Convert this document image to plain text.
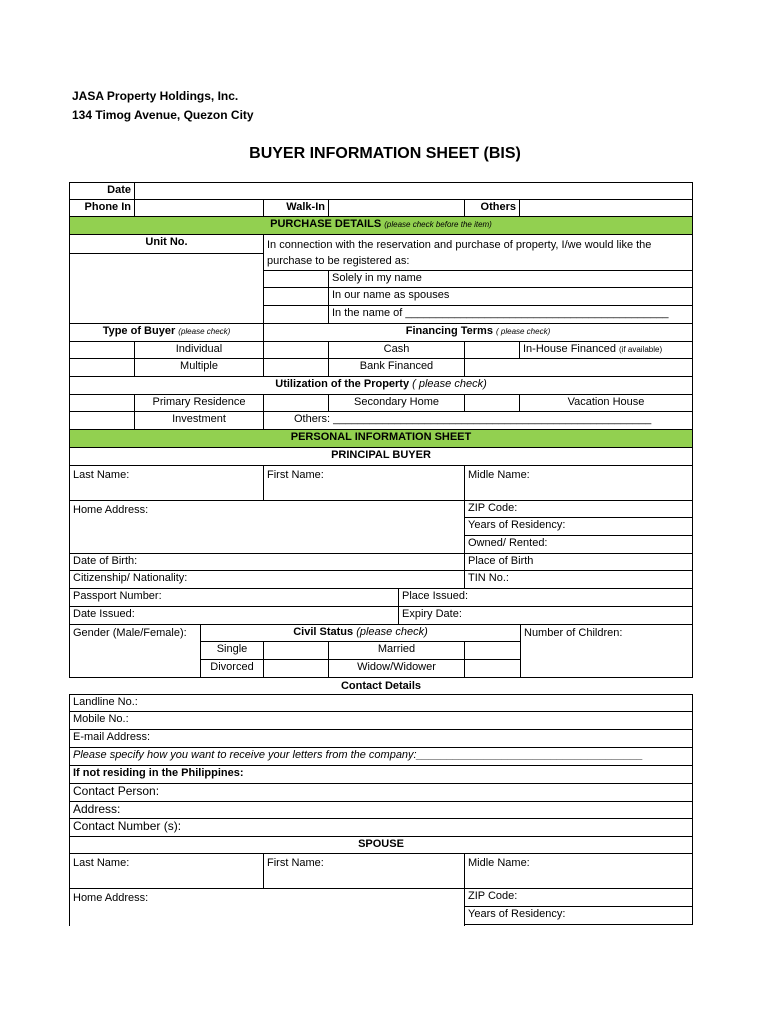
JASA Property Holdings, Inc.
134 Timog Avenue, Quezon City
BUYER INFORMATION SHEET (BIS)
Date
Phone In	Walk-In	Others
PURCHASE DETAILS (please check before the item)
Unit No.	In connection with the reservation and purchase of property, I/we would like the purchase to be registered as:
Solely in my name
In our name as spouses
In the name of ___________________________________________
Type of Buyer (please check)	Financing Terms ( please check)
Individual	Cash	In-House Financed (if available)
Multiple	Bank Financed
Utilization of the Property ( please check)
Primary Residence	Secondary Home	Vacation House
Investment	Others: ____________________________________________________
PERSONAL INFORMATION SHEET
PRINCIPAL BUYER
Last Name:	First Name:	Midle Name:
Home Address:	ZIP Code:
Years of Residency:
Owned/ Rented:
Date of Birth:	Place of Birth
Citizenship/ Nationality:	TIN No.:
Passport Number:	Place Issued:
Date Issued:	Expiry Date:
Gender (Male/Female):	Civil Status (please check)	Number of Children:
Single	Married
Divorced	Widow/Widower
Contact Details
Landline No.:
Mobile No.:
E-mail Address:
Please specify how you want to receive your letters from the company:_____________________________________
If not residing in the Philippines:
Contact Person:
Address:
Contact Number (s):
SPOUSE
Last Name:	First Name:	Midle Name:
Home Address:	ZIP Code:
Years of Residency:
